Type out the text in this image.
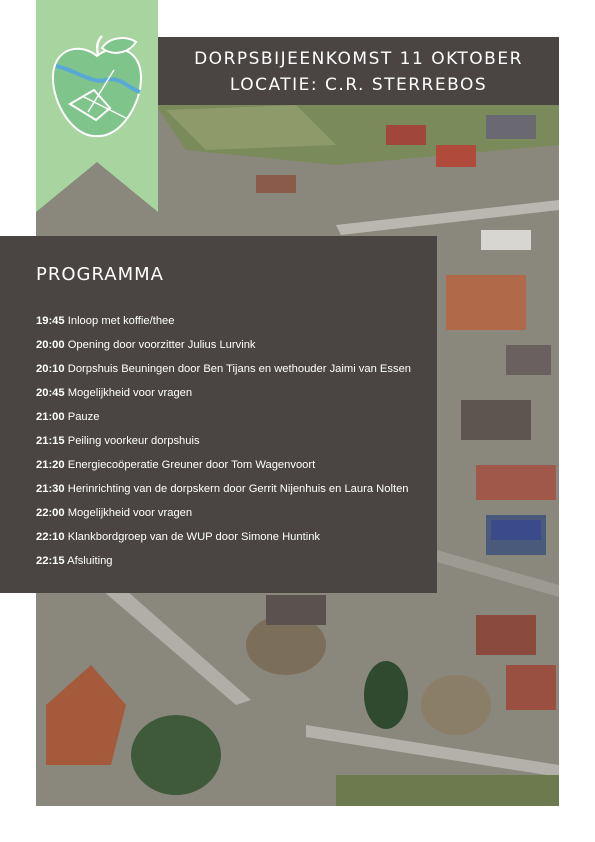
DORPSBIJEENKOMST 11 OKTOBER
LOCATIE: C.R. STERREBOS
PROGRAMMA
19:45 Inloop met koffie/thee
20:00 Opening door voorzitter Julius Lurvink
20:10 Dorpshuis Beuningen door Ben Tijans en wethouder Jaimi van Essen
20:45 Mogelijkheid voor vragen
21:00 Pauze
21:15 Peiling voorkeur dorpshuis
21:20 Energiecoöperatie Greuner door Tom Wagenvoort
21:30 Herinrichting van de dorpskern door Gerrit Nijenhuis en Laura Nolten
22:00 Mogelijkheid voor vragen
22:10 Klankbordgroep van de WUP door Simone Huntink
22:15 Afsluiting
